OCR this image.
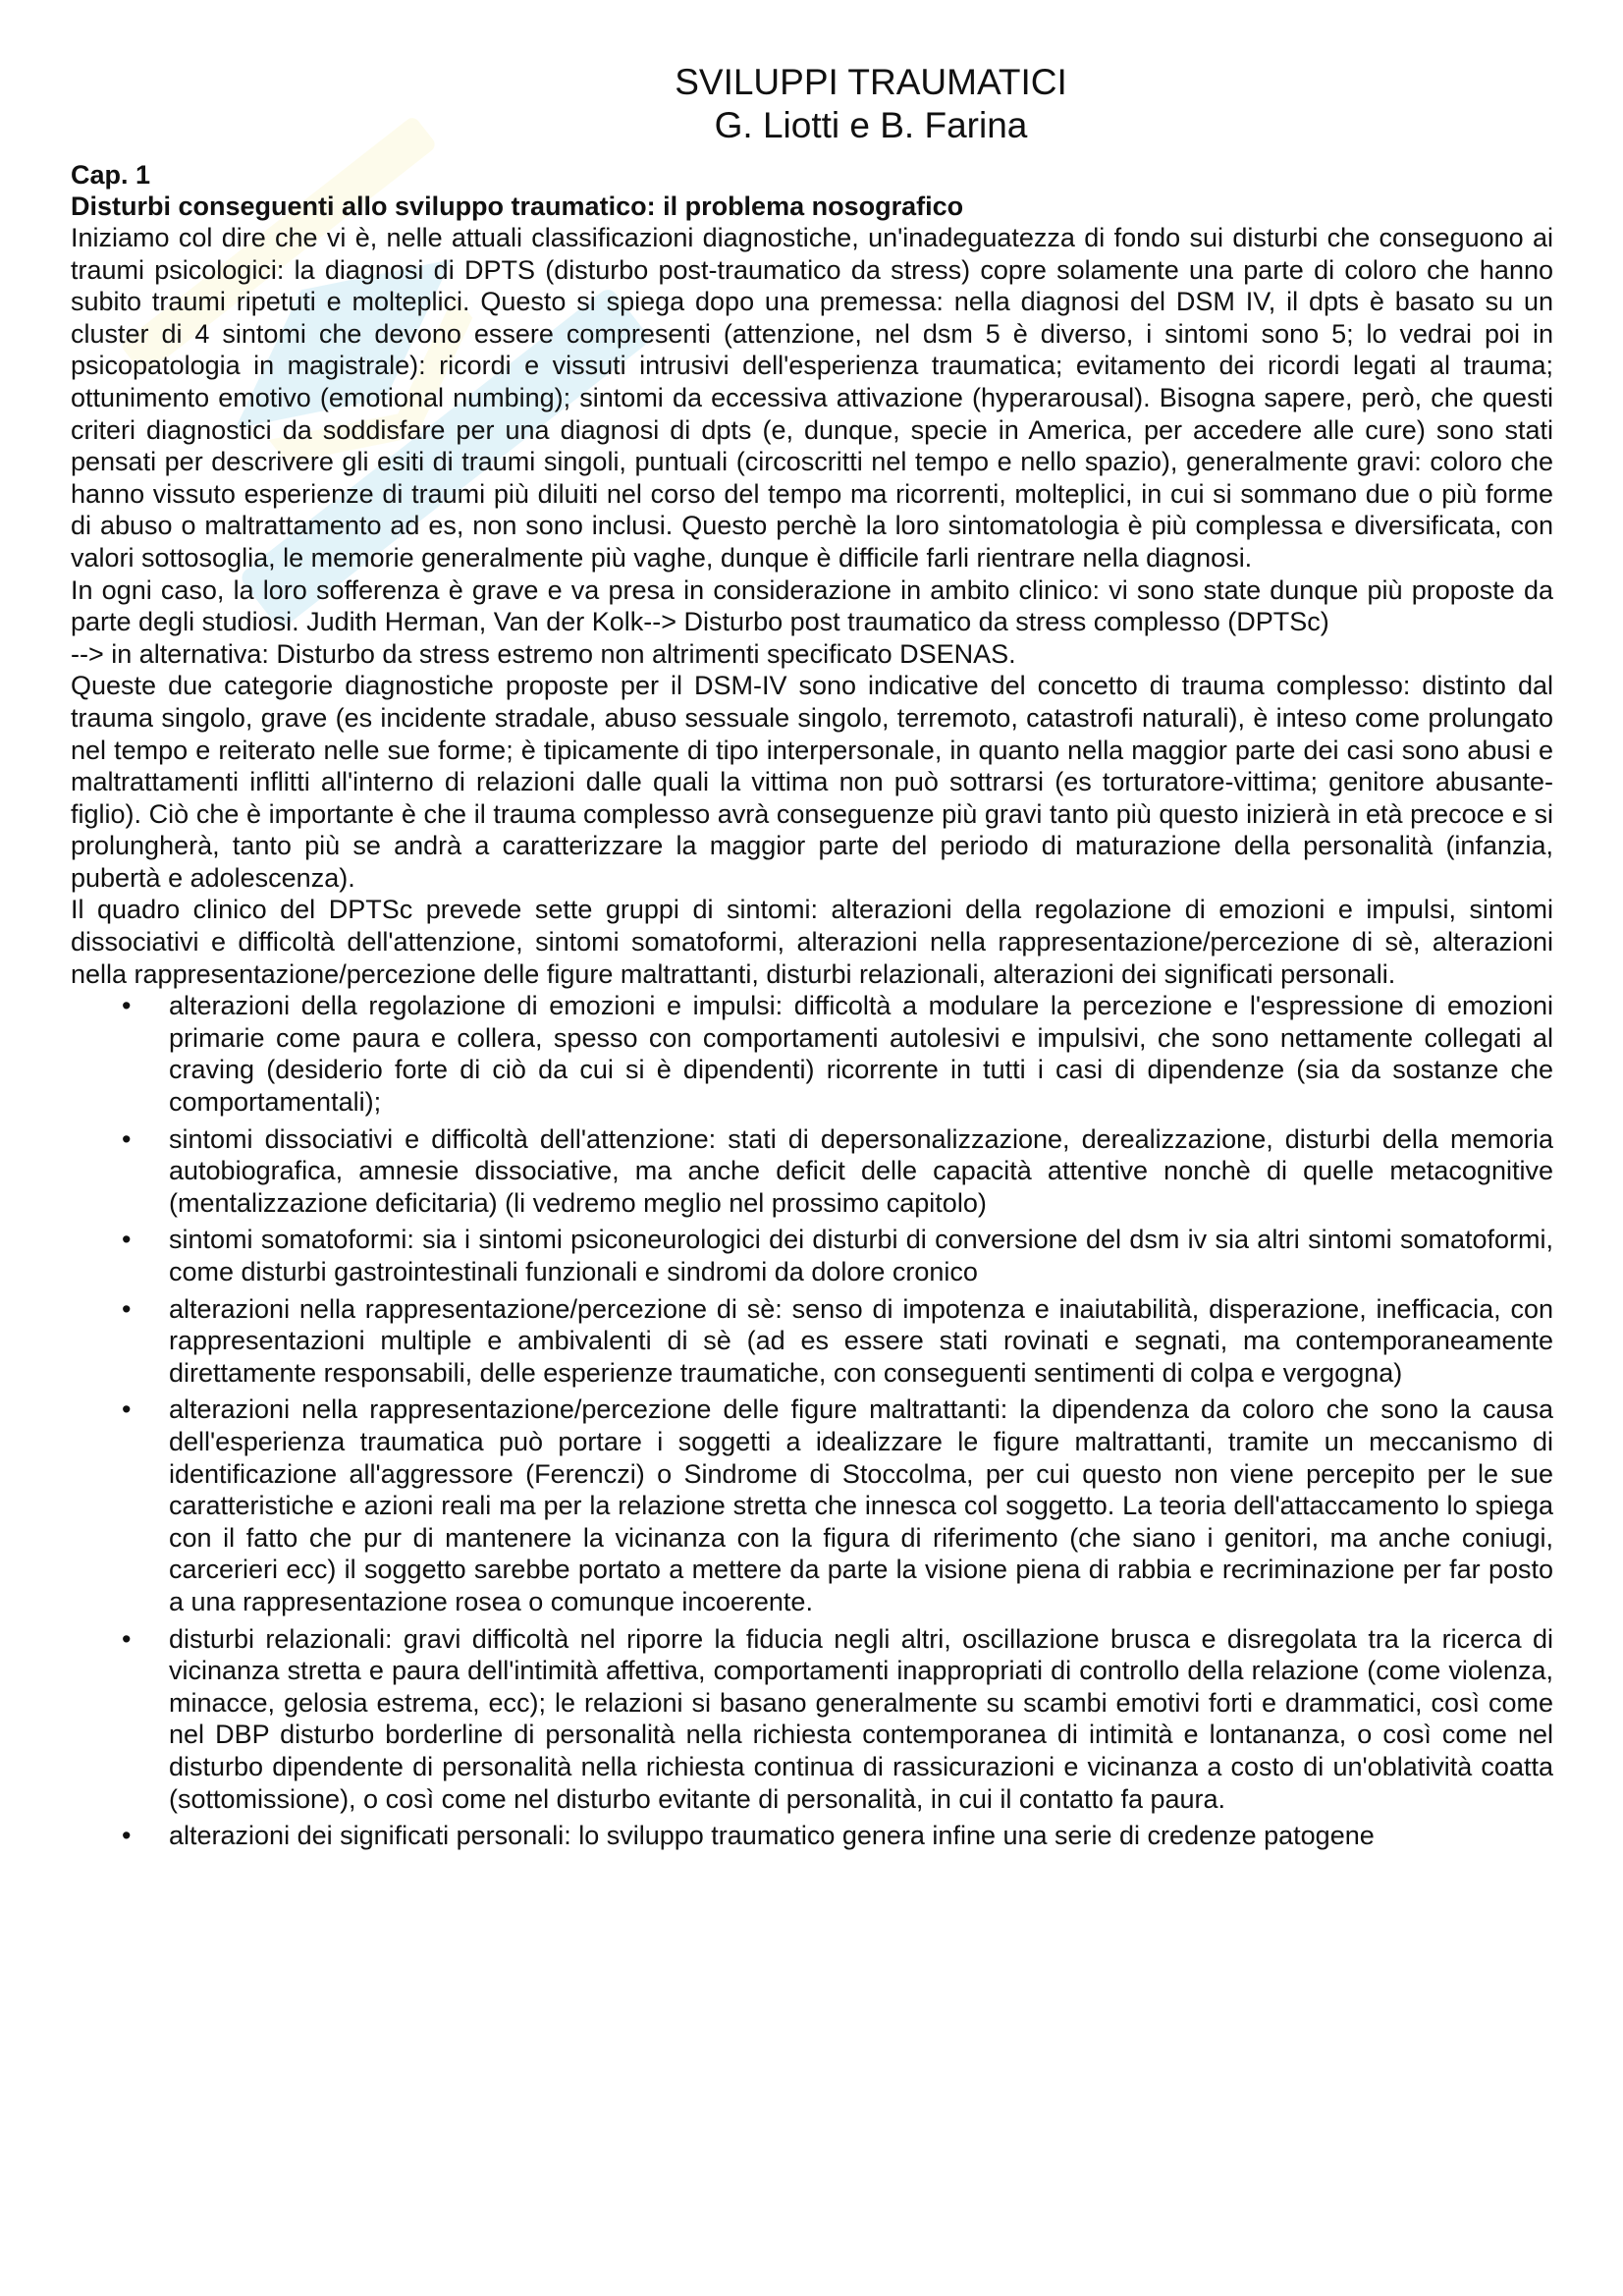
SVILUPPI TRAUMATICI
G. Liotti e B. Farina
Cap. 1
Disturbi conseguenti allo sviluppo traumatico: il problema nosografico

Iniziamo col dire che vi è, nelle attuali classificazioni diagnostiche, un'inadeguatezza di fondo sui disturbi che conseguono ai traumi psicologici: la diagnosi di DPTS (disturbo post-traumatico da stress) copre solamente una parte di coloro che hanno subito traumi ripetuti e molteplici. Questo si spiega dopo una premessa: nella diagnosi del DSM IV, il dpts è basato su un cluster di 4 sintomi che devono essere compresenti (attenzione, nel dsm 5 è diverso, i sintomi sono 5; lo vedrai poi in psicopatologia in magistrale): ricordi e vissuti intrusivi dell'esperienza traumatica; evitamento dei ricordi legati al trauma; ottunimento emotivo (emotional numbing); sintomi da eccessiva attivazione (hyperarousal). Bisogna sapere, però, che questi criteri diagnostici da soddisfare per una diagnosi di dpts (e, dunque, specie in America, per accedere alle cure) sono stati pensati per descrivere gli esiti di traumi singoli, puntuali (circoscritti nel tempo e nello spazio), generalmente gravi: coloro che hanno vissuto esperienze di traumi più diluiti nel corso del tempo ma ricorrenti, molteplici, in cui si sommano due o più forme di abuso o maltrattamento ad es, non sono inclusi. Questo perchè la loro sintomatologia è più complessa e diversificata, con valori sottosoglia, le memorie generalmente più vaghe, dunque è difficile farli rientrare nella diagnosi.

In ogni caso, la loro sofferenza è grave e va presa in considerazione in ambito clinico: vi sono state dunque più proposte da parte degli studiosi. Judith Herman, Van der Kolk--> Disturbo post traumatico da stress complesso (DPTSc)

--> in alternativa: Disturbo da stress estremo non altrimenti specificato DSENAS.

Queste due categorie diagnostiche proposte per il DSM-IV sono indicative del concetto di trauma complesso: distinto dal trauma singolo, grave (es incidente stradale, abuso sessuale singolo, terremoto, catastrofi naturali), è inteso come prolungato nel tempo e reiterato nelle sue forme; è tipicamente di tipo interpersonale, in quanto nella maggior parte dei casi sono abusi e maltrattamenti inflitti all'interno di relazioni dalle quali la vittima non può sottrarsi (es torturatore-vittima; genitore abusante- figlio). Ciò che è importante è che il trauma complesso avrà conseguenze più gravi tanto più questo inizierà in età precoce e si prolungherà, tanto più se andrà a caratterizzare la maggior parte del periodo di maturazione della personalità (infanzia, pubertà e adolescenza).

Il quadro clinico del DPTSc prevede sette gruppi di sintomi: alterazioni della regolazione di emozioni e impulsi, sintomi dissociativi e difficoltà dell'attenzione, sintomi somatoformi, alterazioni nella rappresentazione/percezione di sè, alterazioni nella rappresentazione/percezione delle figure maltrattanti, disturbi relazionali, alterazioni dei significati personali.

• alterazioni della regolazione di emozioni e impulsi: difficoltà a modulare la percezione e l'espressione di emozioni primarie come paura e collera, spesso con comportamenti autolesivi e impulsivi, che sono nettamente collegati al craving (desiderio forte di ciò da cui si è dipendenti) ricorrente in tutti i casi di dipendenze (sia da sostanze che comportamentali);
• sintomi dissociativi e difficoltà dell'attenzione: stati di depersonalizzazione, derealizzazione, disturbi della memoria autobiografica, amnesie dissociative, ma anche deficit delle capacità attentive nonchè di quelle metacognitive (mentalizzazione deficitaria) (li vedremo meglio nel prossimo capitolo)
• sintomi somatoformi: sia i sintomi psiconeurologici dei disturbi di conversione del dsm iv sia altri sintomi somatoformi, come disturbi gastrointestinali funzionali e sindromi da dolore cronico
• alterazioni nella rappresentazione/percezione di sè: senso di impotenza e inaiutabilità, disperazione, inefficacia, con rappresentazioni multiple e ambivalenti di sè (ad es essere stati rovinati e segnati, ma contemporaneamente direttamente responsabili, delle esperienze traumatiche, con conseguenti sentimenti di colpa e vergogna)
• alterazioni nella rappresentazione/percezione delle figure maltrattanti: la dipendenza da coloro che sono la causa dell'esperienza traumatica può portare i soggetti a idealizzare le figure maltrattanti, tramite un meccanismo di identificazione all'aggressore (Ferenczi) o Sindrome di Stoccolma, per cui questo non viene percepito per le sue caratteristiche e azioni reali ma per la relazione stretta che innesca col soggetto. La teoria dell'attaccamento lo spiega con il fatto che pur di mantenere la vicinanza con la figura di riferimento (che siano i genitori, ma anche coniugi, carcerieri ecc) il soggetto sarebbe portato a mettere da parte la visione piena di rabbia e recriminazione per far posto a una rappresentazione rosea o comunque incoerente.
• disturbi relazionali: gravi difficoltà nel riporre la fiducia negli altri, oscillazione brusca e disregolata tra la ricerca di vicinanza stretta e paura dell'intimità affettiva, comportamenti inappropriati di controllo della relazione (come violenza, minacce, gelosia estrema, ecc); le relazioni si basano generalmente su scambi emotivi forti e drammatici, così come nel DBP disturbo borderline di personalità nella richiesta contemporanea di intimità e lontananza, o così come nel disturbo dipendente di personalità nella richiesta continua di rassicurazioni e vicinanza a costo di un'oblatività coatta (sottomissione), o così come nel disturbo evitante di personalità, in cui il contatto fa paura.
• alterazioni dei significati personali: lo sviluppo traumatico genera infine una serie di credenze patogene
